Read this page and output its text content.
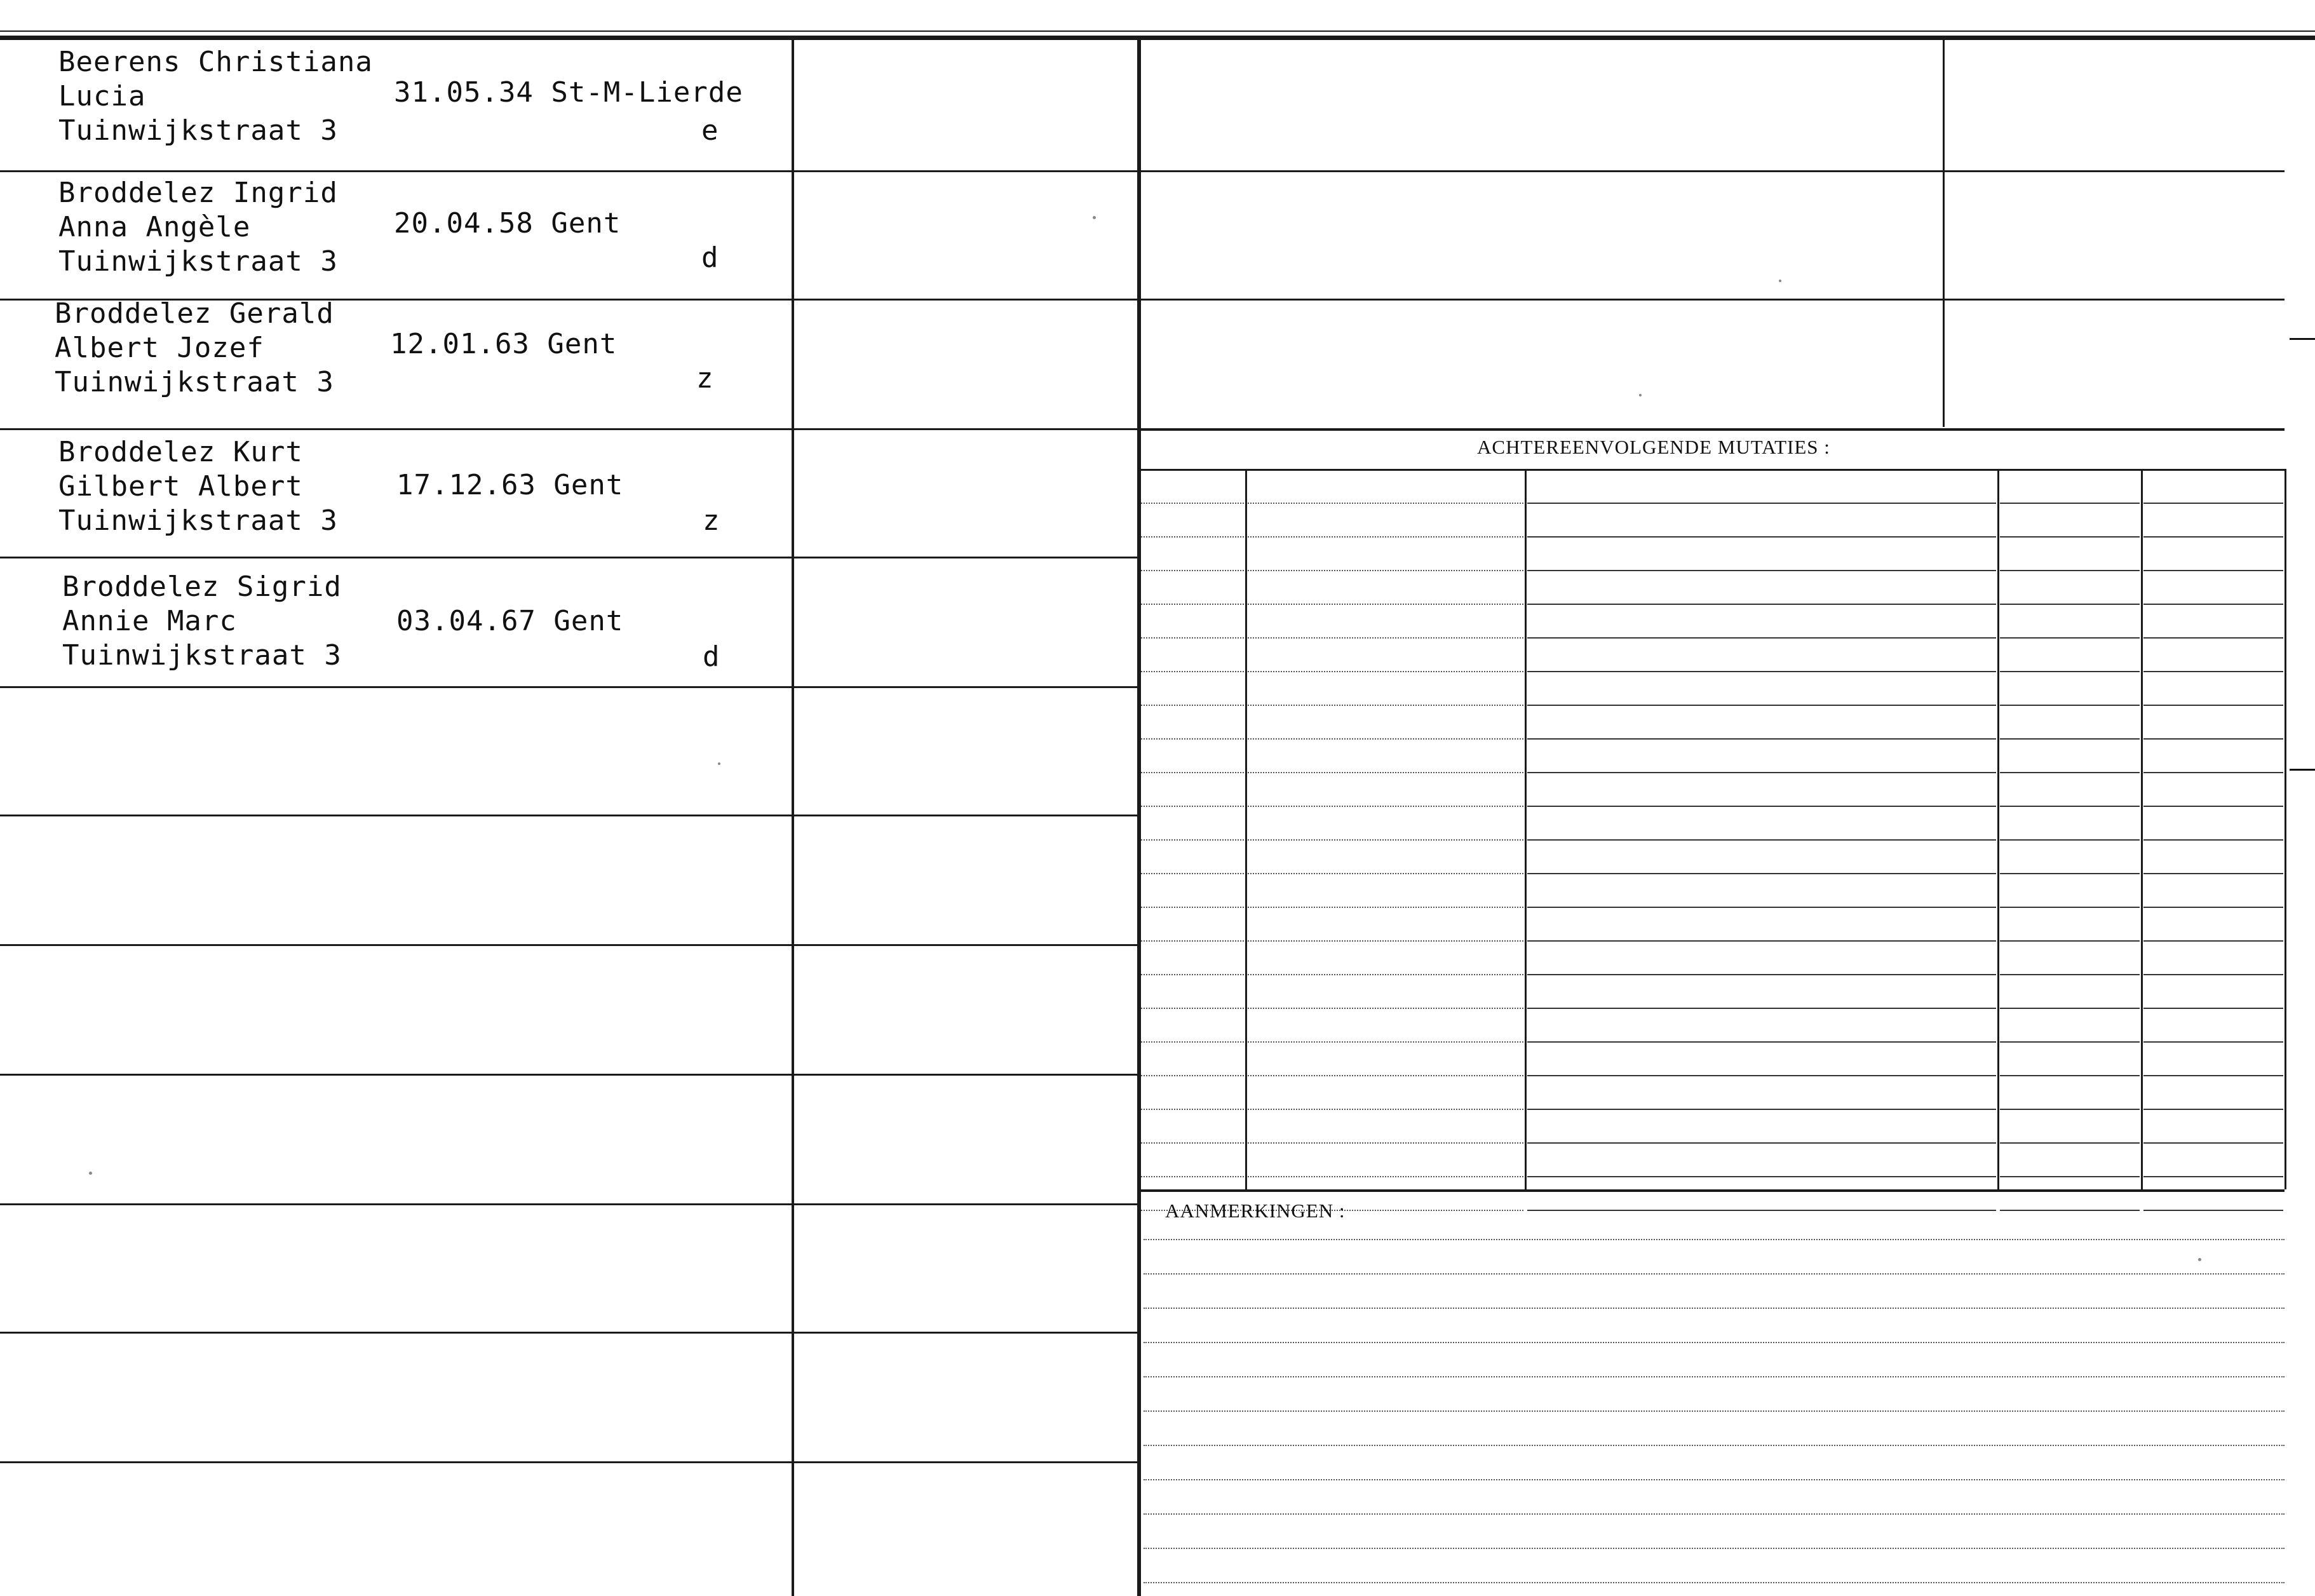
ACHTEREENVOLGENDE MUTATIES :
AANMERKINGEN :
Beerens Christiana
Lucia
Tuinwijkstraat 3
31.05.34 St-M-Lierde
e
Broddelez Ingrid
Anna Angèle
Tuinwijkstraat 3
20.04.58 Gent
d
Broddelez Gerald
Albert Jozef
Tuinwijkstraat 3
12.01.63 Gent
z
Broddelez Kurt
Gilbert Albert
Tuinwijkstraat 3
17.12.63 Gent
z
Broddelez Sigrid
Annie Marc
Tuinwijkstraat 3
03.04.67 Gent
d
